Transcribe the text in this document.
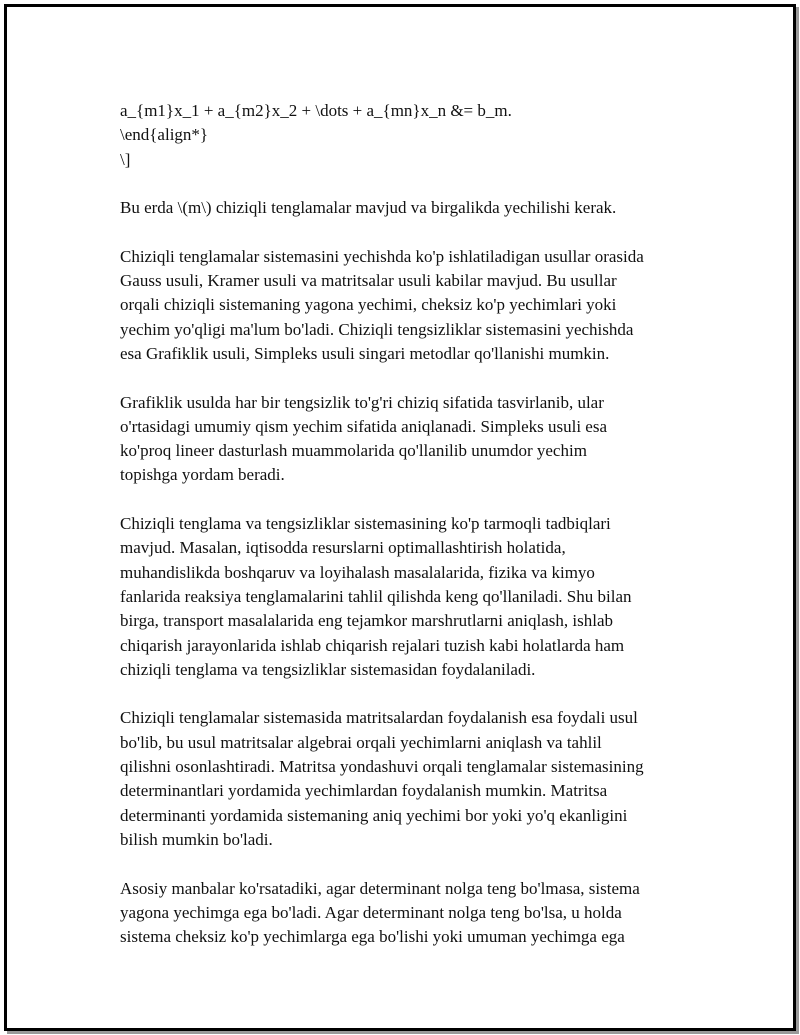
a_{m1}x_1 + a_{m2}x_2 + \dots + a_{mn}x_n &= b_m.
\end{align*}
\]

Bu erda \(m\) chiziqli tenglamalar mavjud va birgalikda yechilishi kerak.

Chiziqli tenglamalar sistemasini yechishda ko'p ishlatiladigan usullar orasida
Gauss usuli, Kramer usuli va matritsalar usuli kabilar mavjud. Bu usullar
orqali chiziqli sistemaning yagona yechimi, cheksiz ko'p yechimlari yoki
yechim yo'qligi ma'lum bo'ladi. Chiziqli tengsizliklar sistemasini yechishda
esa Grafiklik usuli, Simpleks usuli singari metodlar qo'llanishi mumkin.

Grafiklik usulda har bir tengsizlik to'g'ri chiziq sifatida tasvirlanib, ular
o'rtasidagi umumiy qism yechim sifatida aniqlanadi. Simpleks usuli esa
ko'proq lineer dasturlash muammolarida qo'llanilib unumdor yechim
topishga yordam beradi.

Chiziqli tenglama va tengsizliklar sistemasining ko'p tarmoqli tadbiqlari
mavjud. Masalan, iqtisodda resurslarni optimallashtirish holatida,
muhandislikda boshqaruv va loyihalash masalalarida, fizika va kimyo
fanlarida reaksiya tenglamalarini tahlil qilishda keng qo'llaniladi. Shu bilan
birga, transport masalalarida eng tejamkor marshrutlarni aniqlash, ishlab
chiqarish jarayonlarida ishlab chiqarish rejalari tuzish kabi holatlarda ham
chiziqli tenglama va tengsizliklar sistemasidan foydalaniladi.

Chiziqli tenglamalar sistemasida matritsalardan foydalanish esa foydali usul
bo'lib, bu usul matritsalar algebrai orqali yechimlarni aniqlash va tahlil
qilishni osonlashtiradi. Matritsa yondashuvi orqali tenglamalar sistemasining
determinantlari yordamida yechimlardan foydalanish mumkin. Matritsa
determinanti yordamida sistemaning aniq yechimi bor yoki yo'q ekanligini
bilish mumkin bo'ladi.

Asosiy manbalar ko'rsatadiki, agar determinant nolga teng bo'lmasa, sistema
yagona yechimga ega bo'ladi. Agar determinant nolga teng bo'lsa, u holda
sistema cheksiz ko'p yechimlarga ega bo'lishi yoki umuman yechimga ega
